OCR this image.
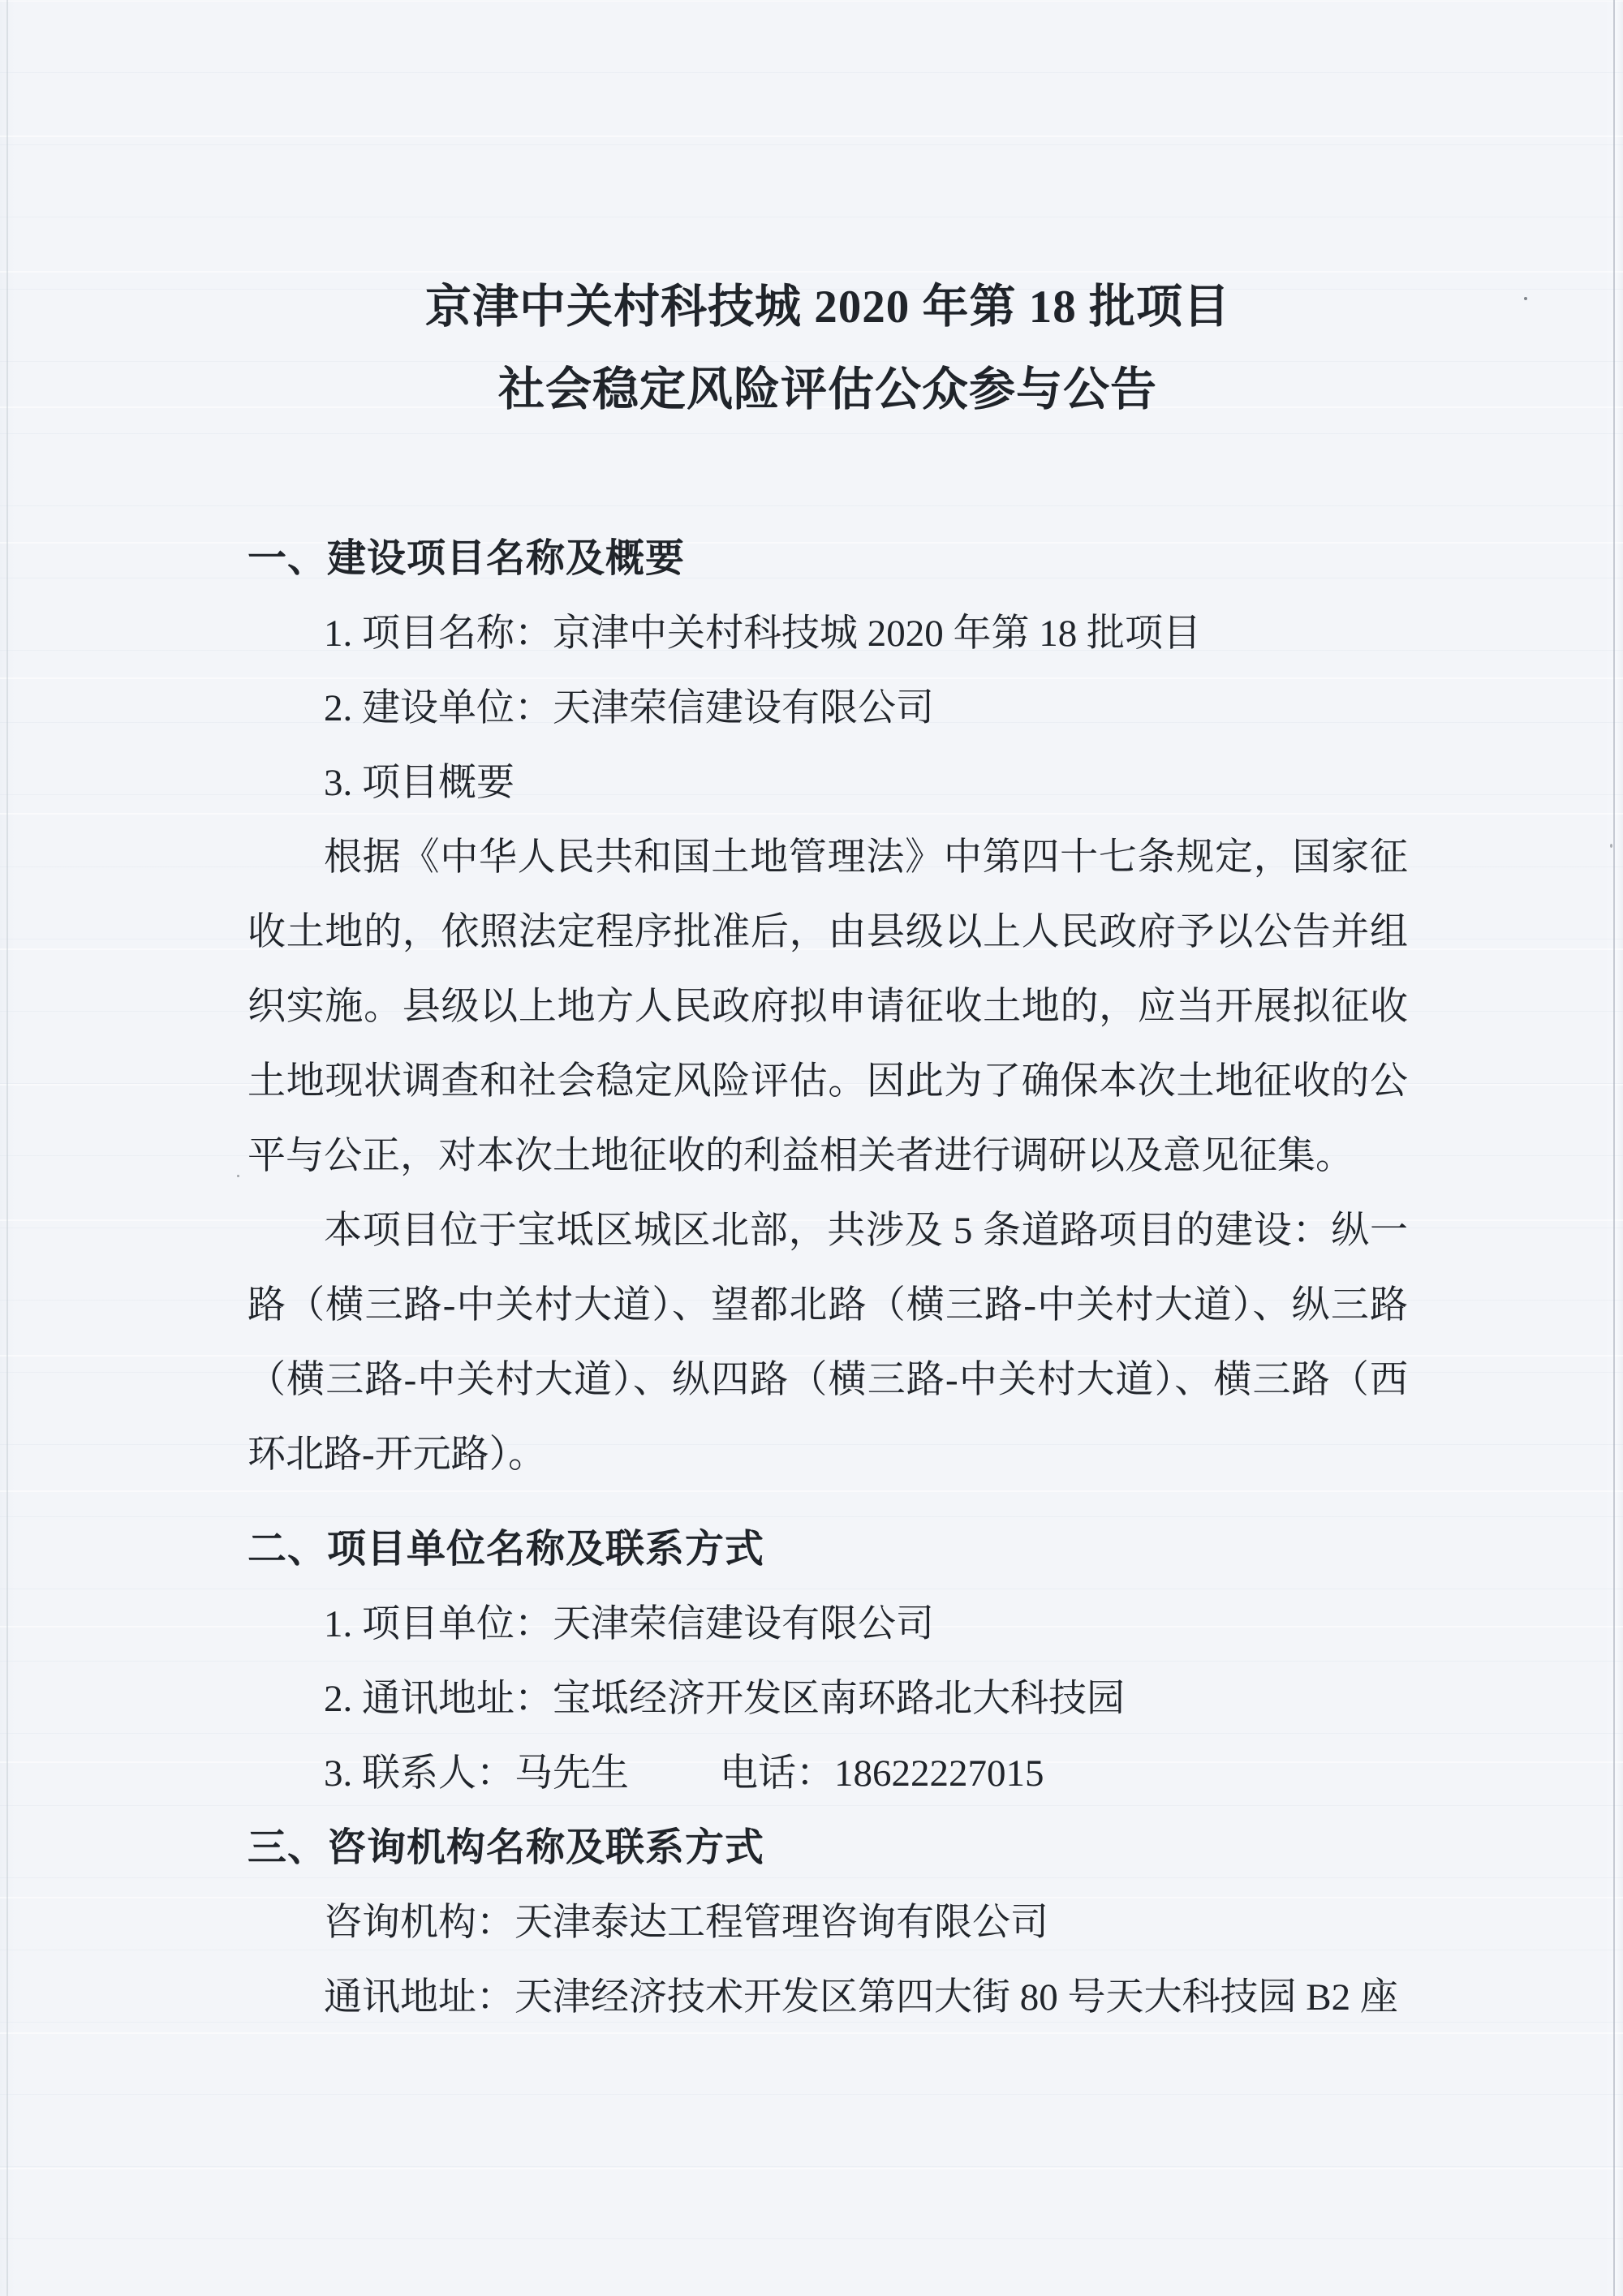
京津中关村科技城 2020 年第 18 批项目
社会稳定风险评估公众参与公告
一、建设项目名称及概要
1. 项目名称：京津中关村科技城 2020 年第 18 批项目
2. 建设单位：天津荣信建设有限公司
3. 项目概要

根据《中华人民共和国土地管理法》中第四十七条规定，国家征收土地的，依照法定程序批准后，由县级以上人民政府予以公告并组织实施。县级以上地方人民政府拟申请征收土地的，应当开展拟征收土地现状调查和社会稳定风险评估。因此为了确保本次土地征收的公平与公正，对本次土地征收的利益相关者进行调研以及意见征集。

本项目位于宝坻区城区北部，共涉及 5 条道路项目的建设：纵一路（横三路-中关村大道）、望都北路（横三路-中关村大道）、纵三路（横三路-中关村大道）、纵四路（横三路-中关村大道）、横三路（西环北路-开元路）。

二、项目单位名称及联系方式
1. 项目单位：天津荣信建设有限公司
2. 通讯地址：宝坻经济开发区南环路北大科技园
3. 联系人：马先生 电话：18622227015
三、咨询机构名称及联系方式
咨询机构：天津泰达工程管理咨询有限公司
通讯地址：天津经济技术开发区第四大街 80 号天大科技园 B2 座
